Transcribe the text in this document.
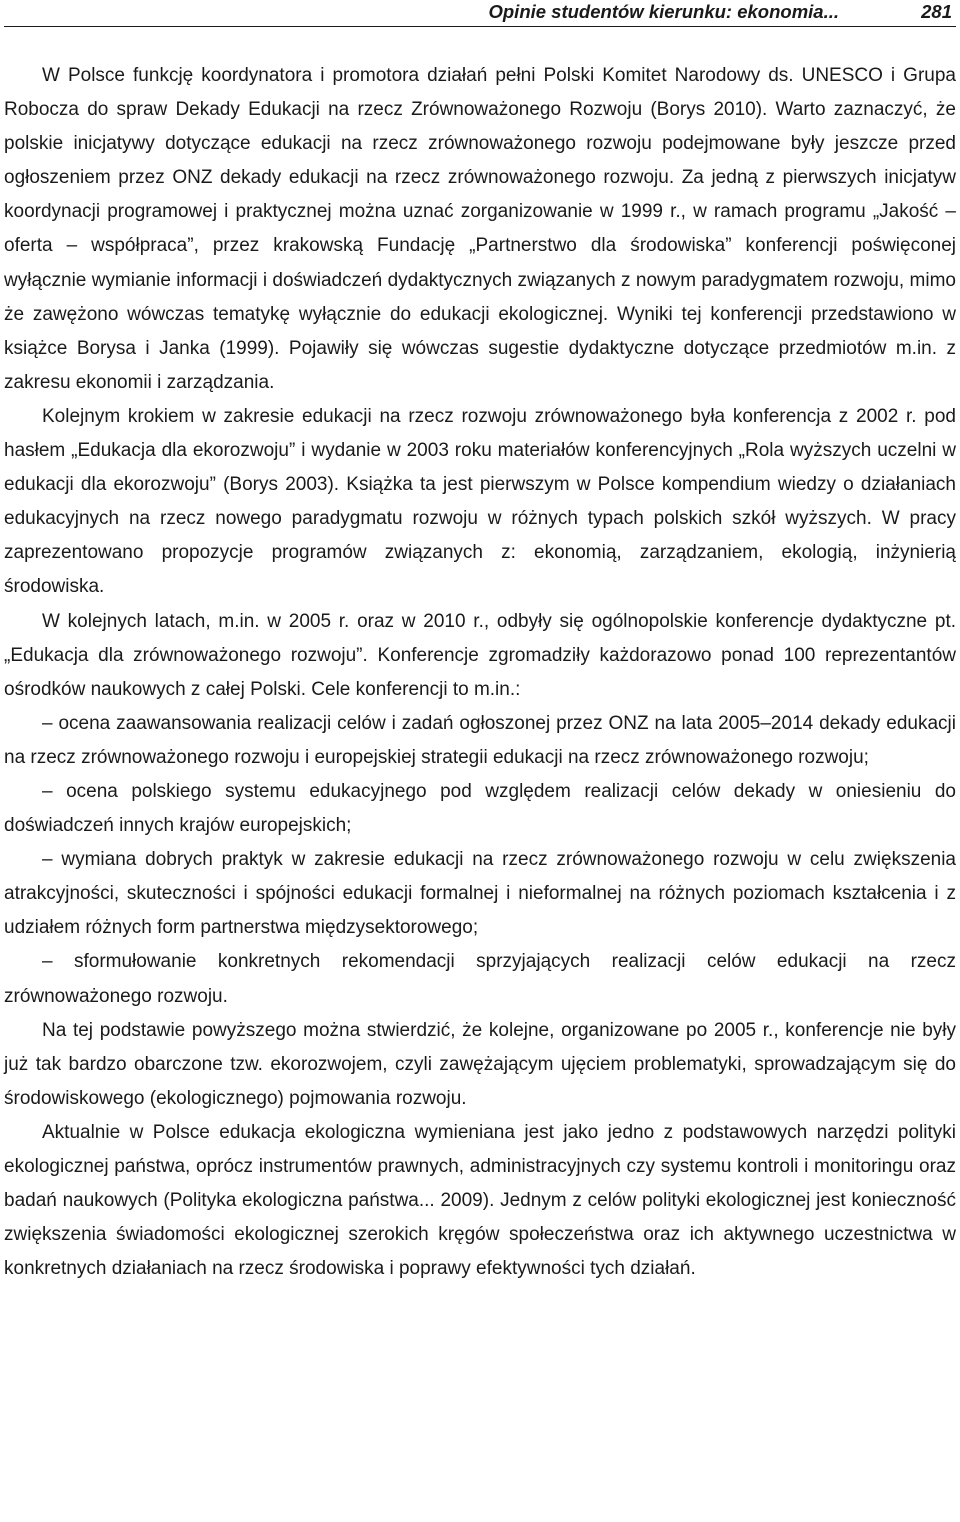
Opinie studentów kierunku: ekonomia...	281

W Polsce funkcję koordynatora i promotora działań pełni Polski Komitet Narodowy ds. UNESCO i Grupa Robocza do spraw Dekady Edukacji na rzecz Zrównoważonego Rozwoju (Borys 2010). Warto zaznaczyć, że polskie inicjatywy dotyczące edukacji na rzecz zrównoważonego rozwoju podejmowane były jeszcze przed ogłoszeniem przez ONZ dekady edukacji na rzecz zrównoważonego rozwoju. Za jedną z pierwszych inicjatyw koordynacji programowej i praktycznej można uznać zorganizowanie w 1999 r., w ramach programu „Jakość – oferta – współpraca”, przez krakowską Fundację „Partnerstwo dla środowiska” konferencji poświęconej wyłącznie wymianie informacji i doświadczeń dydaktycznych związanych z nowym paradygmatem rozwoju, mimo że zawężono wówczas tematykę wyłącznie do edukacji ekologicznej. Wyniki tej konferencji przedstawiono w książce Borysa i Janka (1999). Pojawiły się wówczas sugestie dydaktyczne dotyczące przedmiotów m.in. z zakresu ekonomii i zarządzania.

Kolejnym krokiem w zakresie edukacji na rzecz rozwoju zrównoważonego była konferencja z 2002 r. pod hasłem „Edukacja dla ekorozwoju” i wydanie w 2003 roku materiałów konferencyjnych „Rola wyższych uczelni w edukacji dla ekorozwoju” (Borys 2003). Książka ta jest pierwszym w Polsce kompendium wiedzy o działaniach edukacyjnych na rzecz nowego paradygmatu rozwoju w różnych typach polskich szkół wyższych. W pracy zaprezentowano propozycje programów związanych z: ekonomią, zarządzaniem, ekologią, inżynierią środowiska.

W kolejnych latach, m.in. w 2005 r. oraz w 2010 r., odbyły się ogólnopolskie konferencje dydaktyczne pt. „Edukacja dla zrównoważonego rozwoju”. Konferencje zgromadziły każdorazowo ponad 100 reprezentantów ośrodków naukowych z całej Polski. Cele konferencji to m.in.:

– ocena zaawansowania realizacji celów i zadań ogłoszonej przez ONZ na lata 2005–2014 dekady edukacji na rzecz zrównoważonego rozwoju i europejskiej strategii edukacji na rzecz zrównoważonego rozwoju;

– ocena polskiego systemu edukacyjnego pod względem realizacji celów dekady w oniesieniu do doświadczeń innych krajów europejskich;

– wymiana dobrych praktyk w zakresie edukacji na rzecz zrównoważonego rozwoju w celu zwiększenia atrakcyjności, skuteczności i spójności edukacji formalnej i nieformalnej na różnych poziomach kształcenia i z udziałem różnych form partnerstwa międzysektorowego;

– sformułowanie konkretnych rekomendacji sprzyjających realizacji celów edukacji na rzecz zrównoważonego rozwoju.

Na tej podstawie powyższego można stwierdzić, że kolejne, organizowane po 2005 r., konferencje nie były już tak bardzo obarczone tzw. ekorozwojem, czyli zawężającym ujęciem problematyki, sprowadzającym się do środowiskowego (ekologicznego) pojmowania rozwoju.

Aktualnie w Polsce edukacja ekologiczna wymieniana jest jako jedno z podstawowych narzędzi polityki ekologicznej państwa, oprócz instrumentów prawnych, administracyjnych czy systemu kontroli i monitoringu oraz badań naukowych (Polityka ekologiczna państwa... 2009). Jednym z celów polityki ekologicznej jest konieczność zwiększenia świadomości ekologicznej szerokich kręgów społeczeństwa oraz ich aktywnego uczestnictwa w konkretnych działaniach na rzecz środowiska i poprawy efektywności tych działań.
